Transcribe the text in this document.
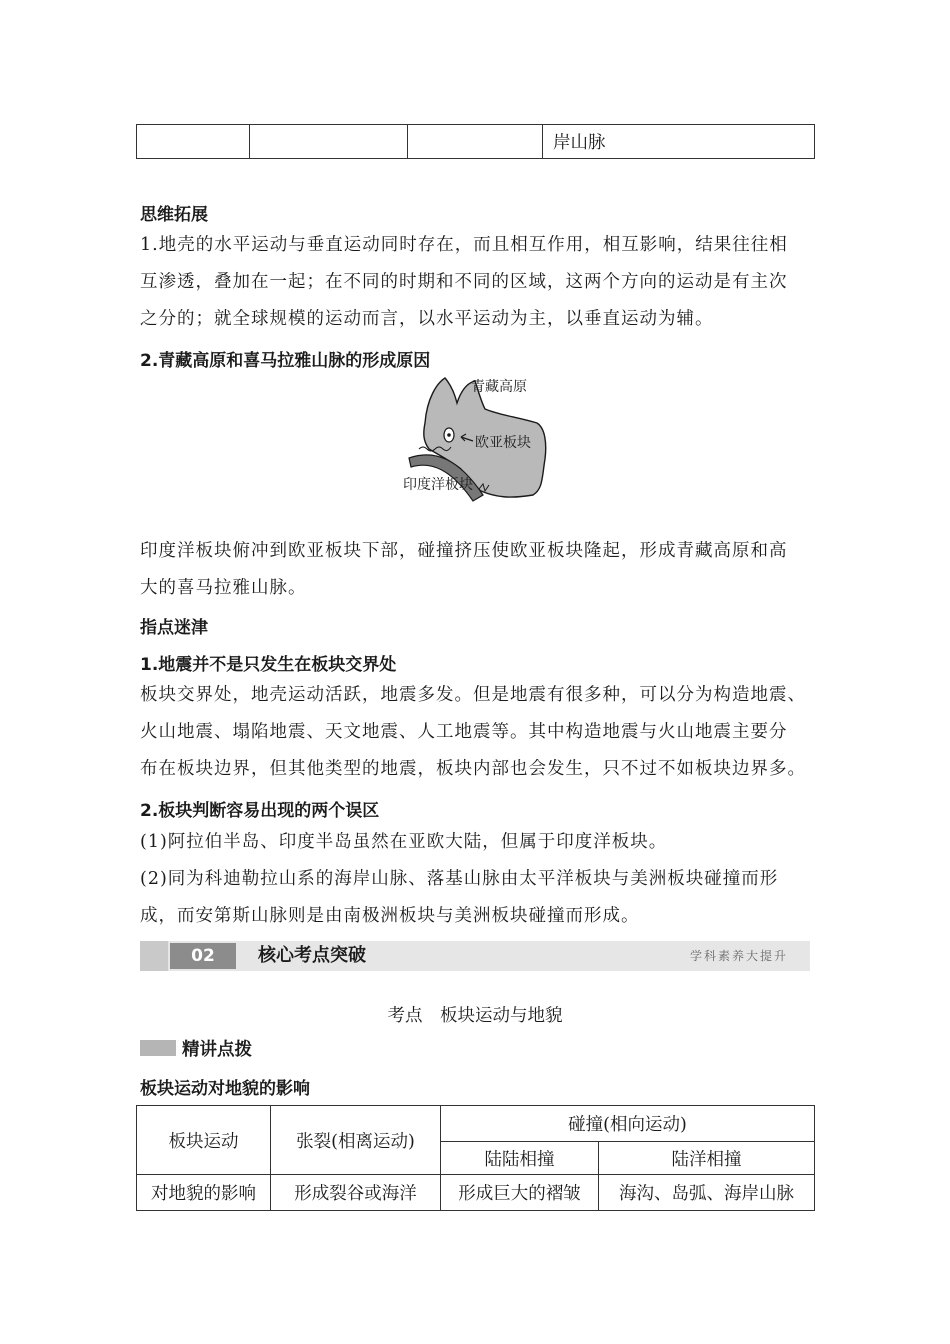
			岸山脉
思维拓展
1.地壳的水平运动与垂直运动同时存在，而且相互作用，相互影响，结果往往相
互渗透，叠加在一起；在不同的时期和不同的区域，这两个方向的运动是有主次
之分的；就全球规模的运动而言，以水平运动为主，以垂直运动为辅。
2.青藏高原和喜马拉雅山脉的形成原因
青藏高原
欧亚板块
印度洋板块
印度洋板块俯冲到欧亚板块下部，碰撞挤压使欧亚板块隆起，形成青藏高原和高
大的喜马拉雅山脉。
指点迷津
1.地震并不是只发生在板块交界处
板块交界处，地壳运动活跃，地震多发。但是地震有很多种，可以分为构造地震、
火山地震、塌陷地震、天文地震、人工地震等。其中构造地震与火山地震主要分
布在板块边界，但其他类型的地震，板块内部也会发生，只不过不如板块边界多。
2.板块判断容易出现的两个误区
(1)阿拉伯半岛、印度半岛虽然在亚欧大陆，但属于印度洋板块。
(2)同为科迪勒拉山系的海岸山脉、落基山脉由太平洋板块与美洲板块碰撞而形
成，而安第斯山脉则是由南极洲板块与美洲板块碰撞而形成。
02	核心考点突破	学科素养大提升
考点　板块运动与地貌
精讲点拨
板块运动对地貌的影响
板块运动	张裂(相离运动)	碰撞(相向运动)	
		陆陆相撞	陆洋相撞
对地貌的影响	形成裂谷或海洋	形成巨大的褶皱	海沟、岛弧、海岸山脉
